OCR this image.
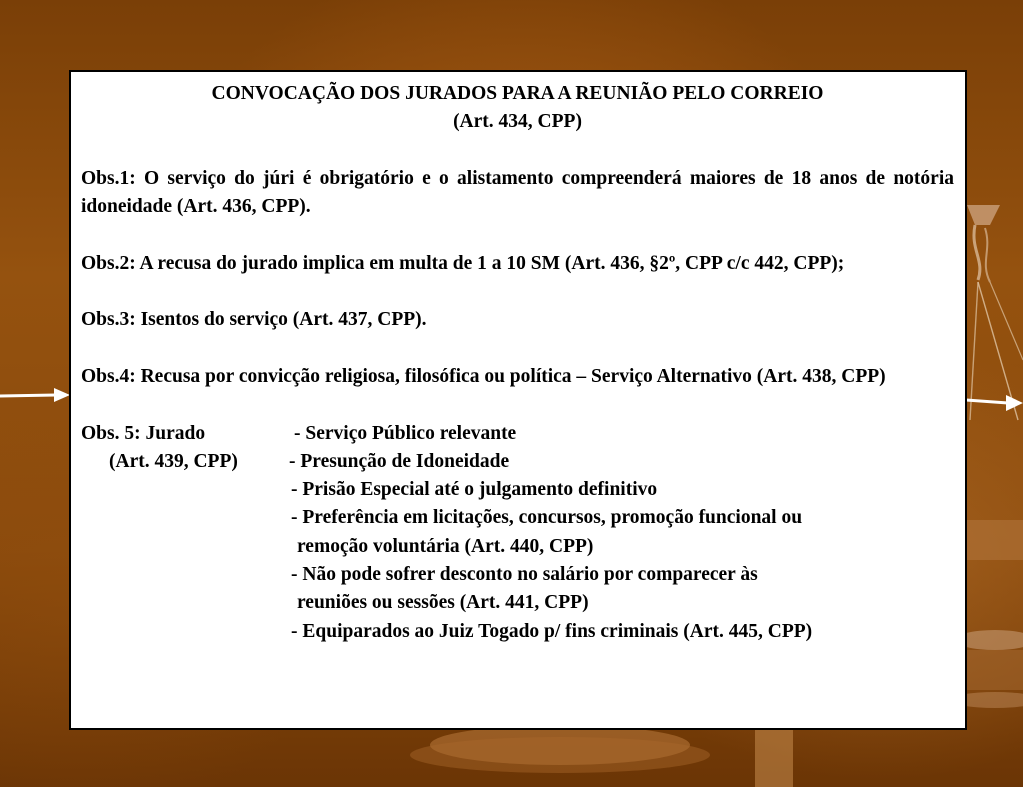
CONVOCAÇÃO DOS JURADOS PARA A REUNIÃO PELO CORREIO

(Art. 434, CPP)

Obs.1: O serviço do júri é obrigatório e o alistamento compreenderá maiores de 18 anos de notória idoneidade (Art. 436, CPP).

Obs.2: A recusa do jurado implica em multa de 1 a 10 SM (Art. 436, §2º, CPP c/c 442, CPP);

Obs.3: Isentos do serviço (Art. 437, CPP).

Obs.4: Recusa por convicção religiosa, filosófica ou política – Serviço Alternativo (Art. 438, CPP)

Obs. 5: Jurado	- Serviço Público relevante
(Art. 439, CPP)	- Presunção de Idoneidade
- Prisão Especial até o julgamento definitivo
- Preferência em licitações, concursos, promoção funcional ou
remoção voluntária (Art. 440, CPP)
- Não pode sofrer desconto no salário por comparecer às
reuniões ou sessões (Art. 441, CPP)
- Equiparados ao Juiz Togado p/ fins criminais (Art. 445, CPP)
